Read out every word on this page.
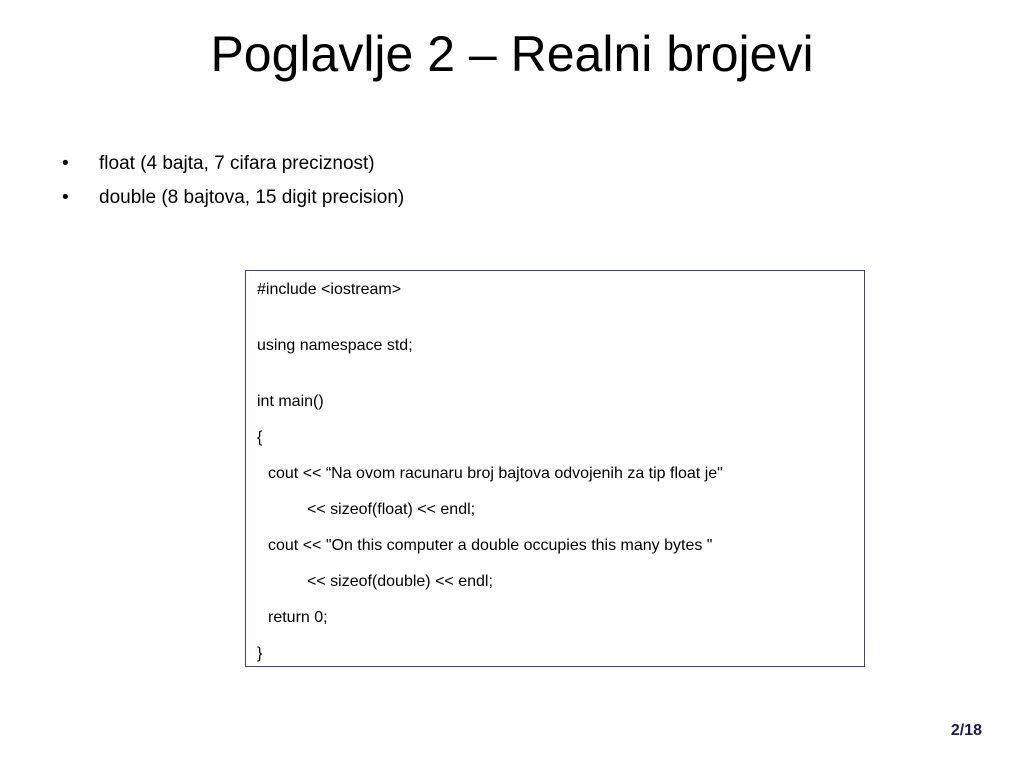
Poglavlje 2 – Realni brojevi
• float (4 bajta, 7 cifara preciznost)
• double (8 bajtova, 15 digit precision)
#include <iostream>
using namespace std;
int main()
{
cout << “Na ovom racunaru broj bajtova odvojenih za tip float je"
<< sizeof(float) << endl;
cout << "On this computer a double occupies this many bytes "
<< sizeof(double) << endl;
return 0;
}
2/18
